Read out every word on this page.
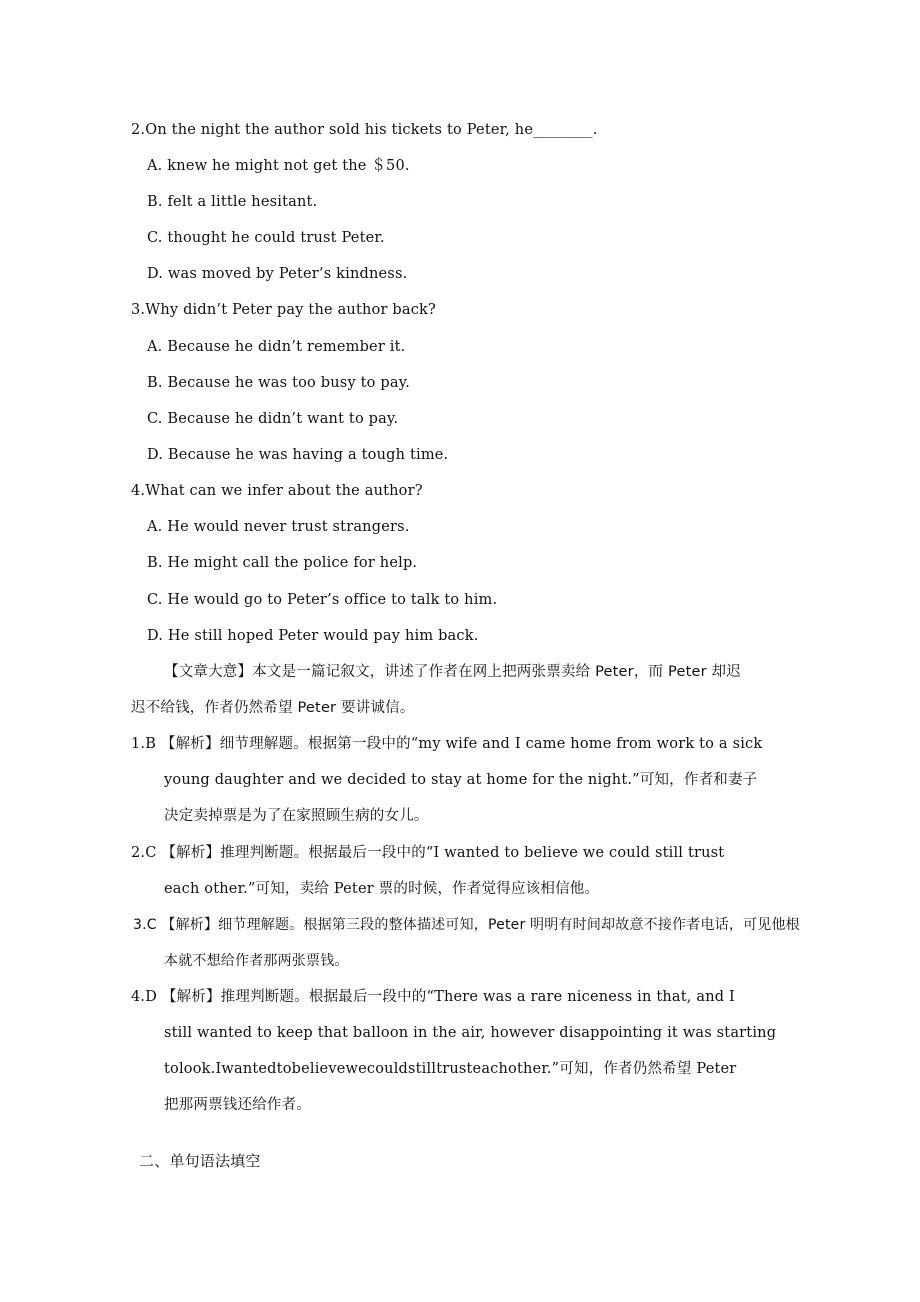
2.On the night the author sold his tickets to Peter, he________.
A. knew he might not get the ＄50.
B. felt a little hesitant.
C. thought he could trust Peter.
D. was moved by Peter’s kindness.
3.Why didn’t Peter pay the author back?
A. Because he didn’t remember it.
B. Because he was too busy to pay.
C. Because he didn’t want to pay.
D. Because he was having a tough time.
4.What can we infer about the author?
A. He would never trust strangers.
B. He might call the police for help.
C. He would go to Peter’s office to talk to him.
D. He still hoped Peter would pay him back.
【文章大意】本文是一篇记叙文，讲述了作者在网上把两张票卖给 Peter，而 Peter 却迟
迟不给钱，作者仍然希望 Peter 要讲诚信。
1.B 【解析】细节理解题。根据第一段中的“my wife and I came home from work to a sick
young daughter and we decided to stay at home for the night.”可知，作者和妻子
决定卖掉票是为了在家照顾生病的女儿。
2.C 【解析】推理判断题。根据最后一段中的“I wanted to believe we could still trust
each other.”可知，卖给 Peter 票的时候，作者觉得应该相信他。
3.C 【解析】细节理解题。根据第三段的整体描述可知，Peter 明明有时间却故意不接作者电话，可见他根
本就不想给作者那两张票钱。
4.D 【解析】推理判断题。根据最后一段中的“There was a rare niceness in that, and I
still wanted to keep that balloon in the air, however disappointing it was starting
tolook.Iwantedtobelievewecouldstilltrusteachother.”可知，作者仍然希望 Peter
把那两票钱还给作者。
二、单句语法填空
